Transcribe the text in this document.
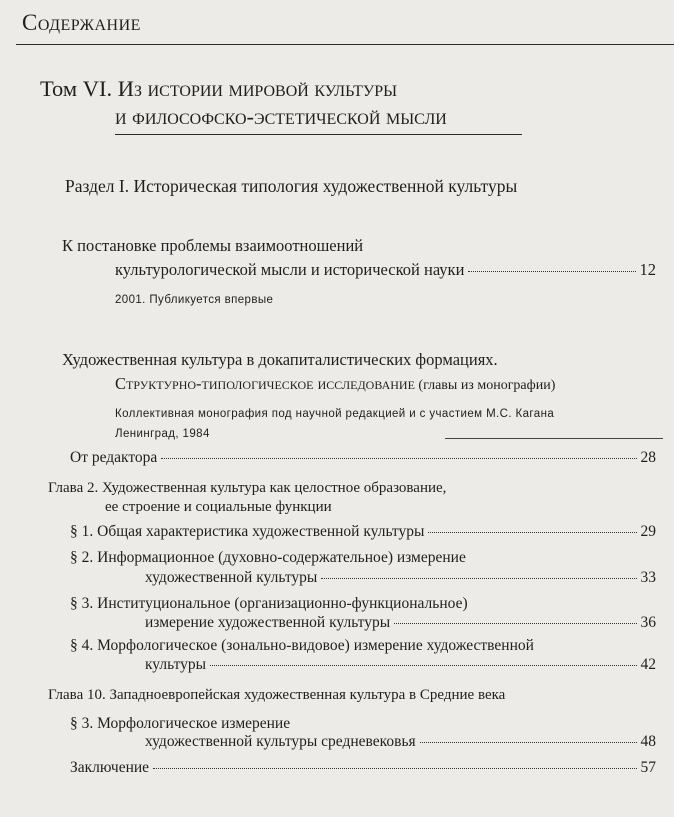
Содержание
Том VI. Из истории мировой культуры
и философско-эстетической мысли
Раздел I. Историческая типология художественной культуры
К постановке проблемы взаимоотношений
культурологической мысли и исторической науки	12
2001. Публикуется впервые
Художественная культура в докапиталистических формациях.
Структурно-типологическое исследование (главы из монографии)
Коллективная монография под научной редакцией и с участием М.С. Кагана
Ленинград, 1984
От редактора	28
Глава 2. Художественная культура как целостное образование,
ее строение и социальные функции
§ 1. Общая характеристика художественной культуры	29
§ 2. Информационное (духовно-содержательное) измерение
художественной культуры	33
§ 3. Институциональное (организационно-функциональное)
измерение художественной культуры	36
§ 4. Морфологическое (зонально-видовое) измерение художественной
культуры	42
Глава 10. Западноевропейская художественная культура в Средние века
§ 3. Морфологическое измерение
художественной культуры средневековья	48
Заключение	57
